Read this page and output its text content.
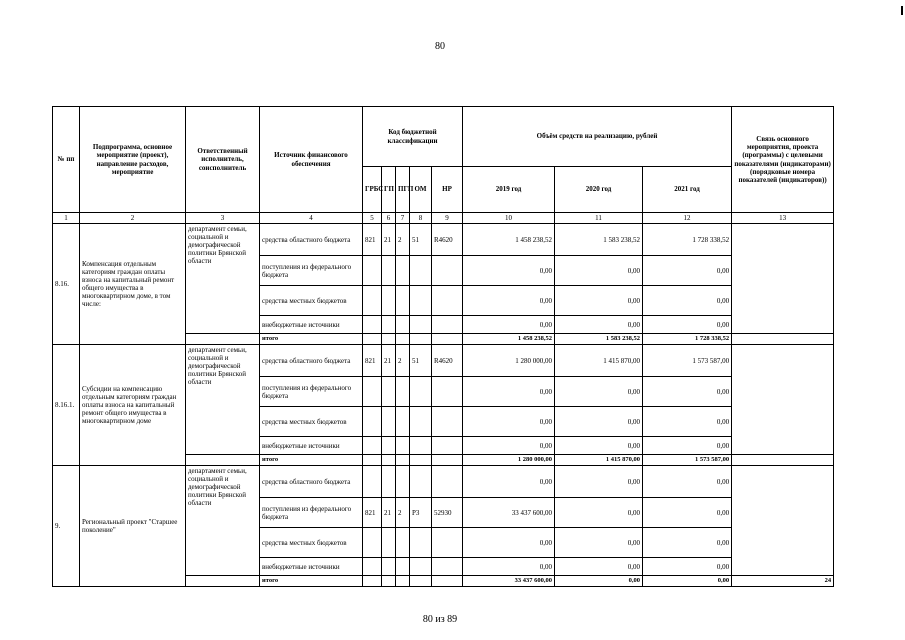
80
№ пп	Подпрограмма, основное мероприятие (проект), направление расходов, мероприятие	Ответственный исполнитель, соисполнитель	Источник финансового обеспечения	Код бюджетной классификации					Объём средств на реализацию, рублей			Связь основного мероприятия, проекта (программы) с целевыми показателями (индикаторами) (порядковые номера показателей (индикаторов))
				ГРБС	ГП	ПГП	ОМ	НР	2019 год	2020 год	2021 год	
1	2	3	4	5	6	7	8	9	10	11	12	13
8.16.	Компенсация отдельным категориям граждан оплаты взноса на капитальный ремонт общего имущества в многоквартирном доме, в том числе:	департамент семьи, социальной и демографической политики Брянской области	средства областного бюджета	821	21	2	51	R4620	1 458 238,52	1 583 238,52	1 728 338,52	
			поступления из федерального бюджета						0,00	0,00	0,00	
			средства местных бюджетов						0,00	0,00	0,00	
			внебюджетные источники						0,00	0,00	0,00	
			итого						1 458 238,52	1 583 238,52	1 728 338,52	
8.16.1.	Субсидии на компенсацию отдельным категориям граждан оплаты взноса на капитальный ремонт общего имущества в многоквартирном доме	департамент семьи, социальной и демографической политики Брянской области	средства областного бюджета	821	21	2	51	R4620	1 280 000,00	1 415 870,00	1 573 587,00	
			поступления из федерального бюджета						0,00	0,00	0,00	
			средства местных бюджетов						0,00	0,00	0,00	
			внебюджетные источники						0,00	0,00	0,00	
			итого						1 280 000,00	1 415 870,00	1 573 587,00	
9.	Региональный проект "Старшее поколение"	департамент семьи, социальной и демографической политики Брянской области	средства областного бюджета						0,00	0,00	0,00	
			поступления из федерального бюджета	821	21	2	P3	52930	33 437 600,00	0,00	0,00	
			средства местных бюджетов						0,00	0,00	0,00	
			внебюджетные источники						0,00	0,00	0,00	
			итого						33 437 600,00	0,00	0,00	24
80 из 89
